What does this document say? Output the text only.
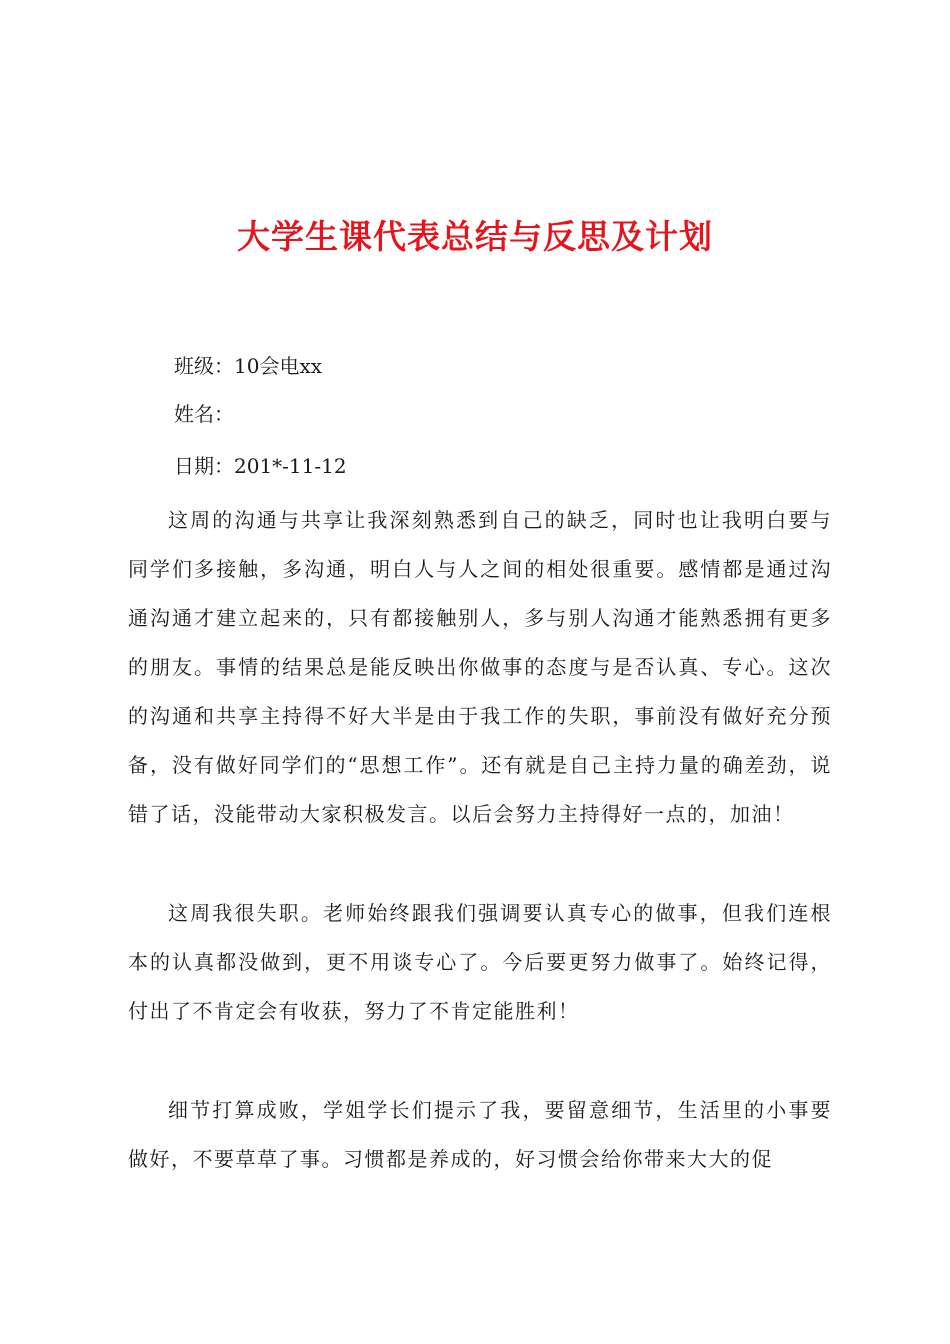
大学生课代表总结与反思及计划

班级：10会电xx

姓名：

日期：201*-11-12

这周的沟通与共享让我深刻熟悉到自己的缺乏，同时也让我明白要与同学们多接触，多沟通，明白人与人之间的相处很重要。感情都是通过沟通沟通才建立起来的，只有都接触别人，多与别人沟通才能熟悉拥有更多的朋友。事情的结果总是能反映出你做事的态度与是否认真、专心。这次的沟通和共享主持得不好大半是由于我工作的失职，事前没有做好充分预备，没有做好同学们的“思想工作”。还有就是自己主持力量的确差劲，说错了话，没能带动大家积极发言。以后会努力主持得好一点的，加油！

这周我很失职。老师始终跟我们强调要认真专心的做事，但我们连根本的认真都没做到，更不用谈专心了。今后要更努力做事了。始终记得，付出了不肯定会有收获，努力了不肯定能胜利！

细节打算成败，学姐学长们提示了我，要留意细节，生活里的小事要做好，不要草草了事。习惯都是养成的，好习惯会给你带来大大的促
